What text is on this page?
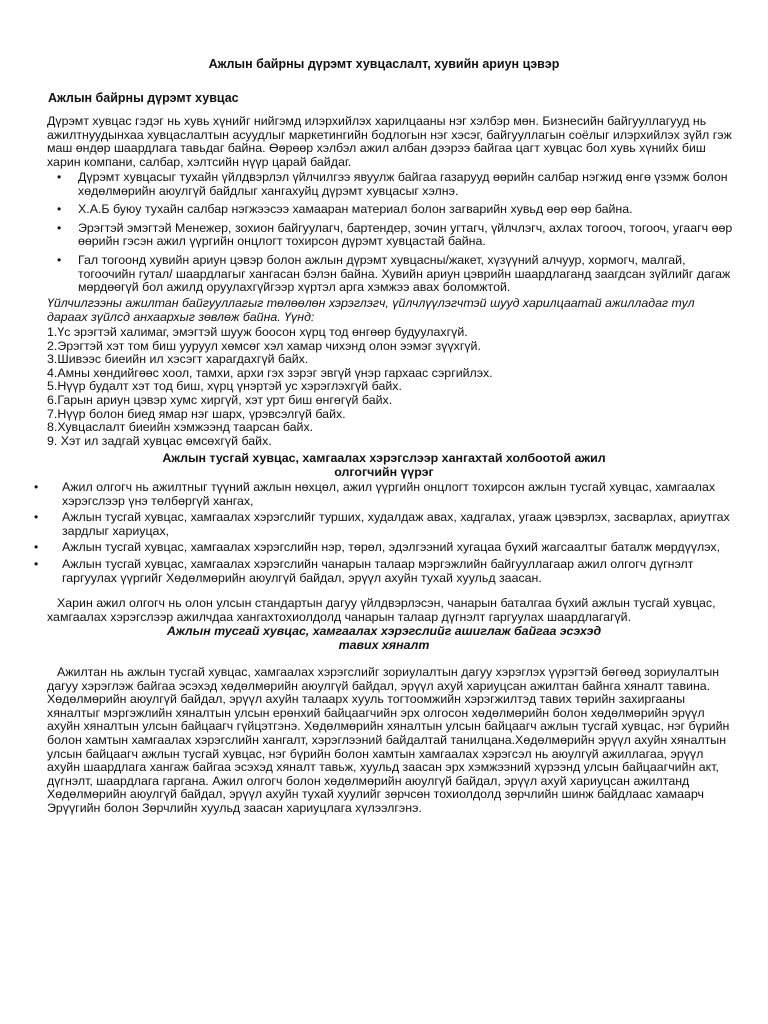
Ажлын байрны дүрэмт хувцаслалт, хувийн ариун цэвэр
Ажлын байрны дүрэмт хувцас

Дүрэмт хувцас гэдэг нь хувь хүнийг нийгэмд илэрхийлэх харилцааны нэг хэлбэр мөн. Бизнесийн байгууллагууд нь ажилтнуудынхаа хувцаслалтын асуудлыг маркетингийн бодлогын нэг хэсэг, байгууллагын соёлыг илэрхийлэх зүйл гэж маш өндөр шаардлага тавьдаг байна. Өөрөөр хэлбэл ажил албан дээрээ байгаа цагт хувцас бол хувь хүнийх биш харин компани, салбар, хэлтсийн нүүр царай байдаг.

• Дүрэмт хувцасыг тухайн үйлдвэрлэл үйлчилгээ явуулж байгаа газарууд өөрийн салбар нэгжид өнгө үзэмж болон хөдөлмөрийн аюулгүй байдлыг хангахуйц дүрэмт хувцасыг хэлнэ.
• Х.А.Б буюу тухайн салбар нэгжээсээ хамааран материал болон загварийн хувьд өөр өөр байна.
• Эрэгтэй эмэгтэй Менежер, зохион байгуулагч, бартендер, зочин угтагч, үйлчлэгч, ахлах тогооч, тогооч, угаагч өөр өөрийн гэсэн ажил үүргийн онцлогт тохирсон дүрэмт хувцастай байна.
• Гал тогоонд хувийн ариун цэвэр болон ажлын дүрэмт хувцасны/жакет, хүзүүний алчуур, хормогч, малгай, тогоочийн гутал/ шаардлагыг хангасан бэлэн байна. Хувийн ариун цэврийн шаардлаганд заагдсан зүйлийг дагаж мөрдөөгүй бол ажилд оруулахгүйгээр хүртэл арга хэмжээ авах боломжтой.
Үйлчилгээны ажилтан байгууллагыг төлөөлөн хэрэглэгч, үйлчлүүлэгчтэй шууд харилцаатай ажилладаг тул дараах зүйлсд анхаархыг зөвлөж байна. Үүнд:
1.Үс эрэгтэй халимаг, эмэгтэй шууж боосон хүрц тод өнгөөр будуулахгүй.
2.Эрэгтэй хэт том биш ууруул хөмсөг хэл хамар чихэнд олон ээмэг зүүхгүй.
3.Шивээс биеийн ил хэсэгт харагдахгүй байх.
4.Амны хөндийгөөс хоол, тамхи, архи гэх зэрэг эвгүй үнэр гархаас сэргийлэх.
5.Нүүр будалт хэт тод биш, хүрц үнэртэй ус хэрэглэхгүй байх.
6.Гарын ариун цэвэр хумс хиргүй, хэт урт биш өнгөгүй байх.
7.Нүүр болон биед ямар нэг шарх, үрэвсэлгүй байх.
8.Хувцаслалт биеийн хэмжээнд таарсан байх.
9. Хэт ил задгай хувцас өмсөхгүй байх.
Ажлын тусгай хувцас, хамгаалах хэрэгслээр хангахтай холбоотой ажил
олгогчийн үүрэг
• Ажил олгогч нь ажилтныг түүний ажлын нөхцөл, ажил үүргийн онцлогт тохирсон ажлын тусгай хувцас, хамгаалах хэрэгслээр үнэ төлбөргүй хангах,
• Ажлын тусгай хувцас, хамгаалах хэрэгслийг турших, худалдаж авах, хадгалах, угааж цэвэрлэх, засварлах, ариутгах зардлыг хариуцах,
• Ажлын тусгай хувцас, хамгаалах хэрэгслийн нэр, төрөл, эдэлгээний хугацаа бүхий жагсаалтыг баталж мөрдүүлэх,
• Ажлын тусгай хувцас, хамгаалах хэрэгслийн чанарын талаар мэргэжлийн байгууллагаар ажил олгогч дүгнэлт гаргуулах үүргийг Хөдөлмөрийн аюулгүй байдал, эрүүл ахуйн тухай хуульд заасан.
Харин ажил олгогч нь олон улсын стандартын дагуу үйлдвэрлэсэн, чанарын баталгаа бүхий ажлын тусгай хувцас, хамгаалах хэрэгслээр ажилчдаа хангахтохиолдолд чанарын талаар дүгнэлт гаргуулах шаардлагагүй.
Ажлын тусгай хувцас, хамгаалах хэрэгслийг ашиглаж байгаа эсэхэд
тавих хяналт
Ажилтан нь ажлын тусгай хувцас, хамгаалах хэрэгслийг зориулалтын дагуу хэрэглэх үүрэгтэй бөгөөд зориулалтын дагуу хэрэглэж байгаа эсэхэд хөдөлмөрийн аюулгүй байдал, эрүүл ахуй хариуцсан ажилтан байнга хяналт тавина. Хөдөлмөрийн аюулгүй байдал, эрүүл ахуйн талаарх хууль тогтоомжийн хэрэгжилтэд тавих төрийн захиргааны хяналтыг мэргэжлийн хяналтын улсын ерөнхий байцаагчийн эрх олгосон хөдөлмөрийн болон хөдөлмөрийн эрүүл ахуйн хяналтын улсын байцаагч гүйцэтгэнэ. Хөдөлмөрийн хяналтын улсын байцаагч ажлын тусгай хувцас, нэг бүрийн болон хамтын хамгаалах хэрэгслийн хангалт, хэрэглээний байдалтай танилцана.Хөдөлмөрийн эрүүл ахуйн хяналтын улсын байцаагч ажлын тусгай хувцас, нэг бүрийн болон хамтын хамгаалах хэрэгсэл нь аюулгүй ажиллагаа, эрүүл ахуйн шаардлага хангаж байгаа эсэхэд хяналт тавьж, хуульд заасан эрх хэмжээний хүрээнд улсын байцаагчийн акт, дүгнэлт, шаардлага гаргана. Ажил олгогч болон хөдөлмөрийн аюулгүй байдал, эрүүл ахуй хариуцсан ажилтанд Хөдөлмөрийн аюулгүй байдал, эрүүл ахуйн тухай хуулийг зөрчсөн тохиолдолд зөрчлийн шинж байдлаас хамаарч Эрүүгийн болон Зөрчлийн хуульд заасан хариуцлага хүлээлгэнэ.
